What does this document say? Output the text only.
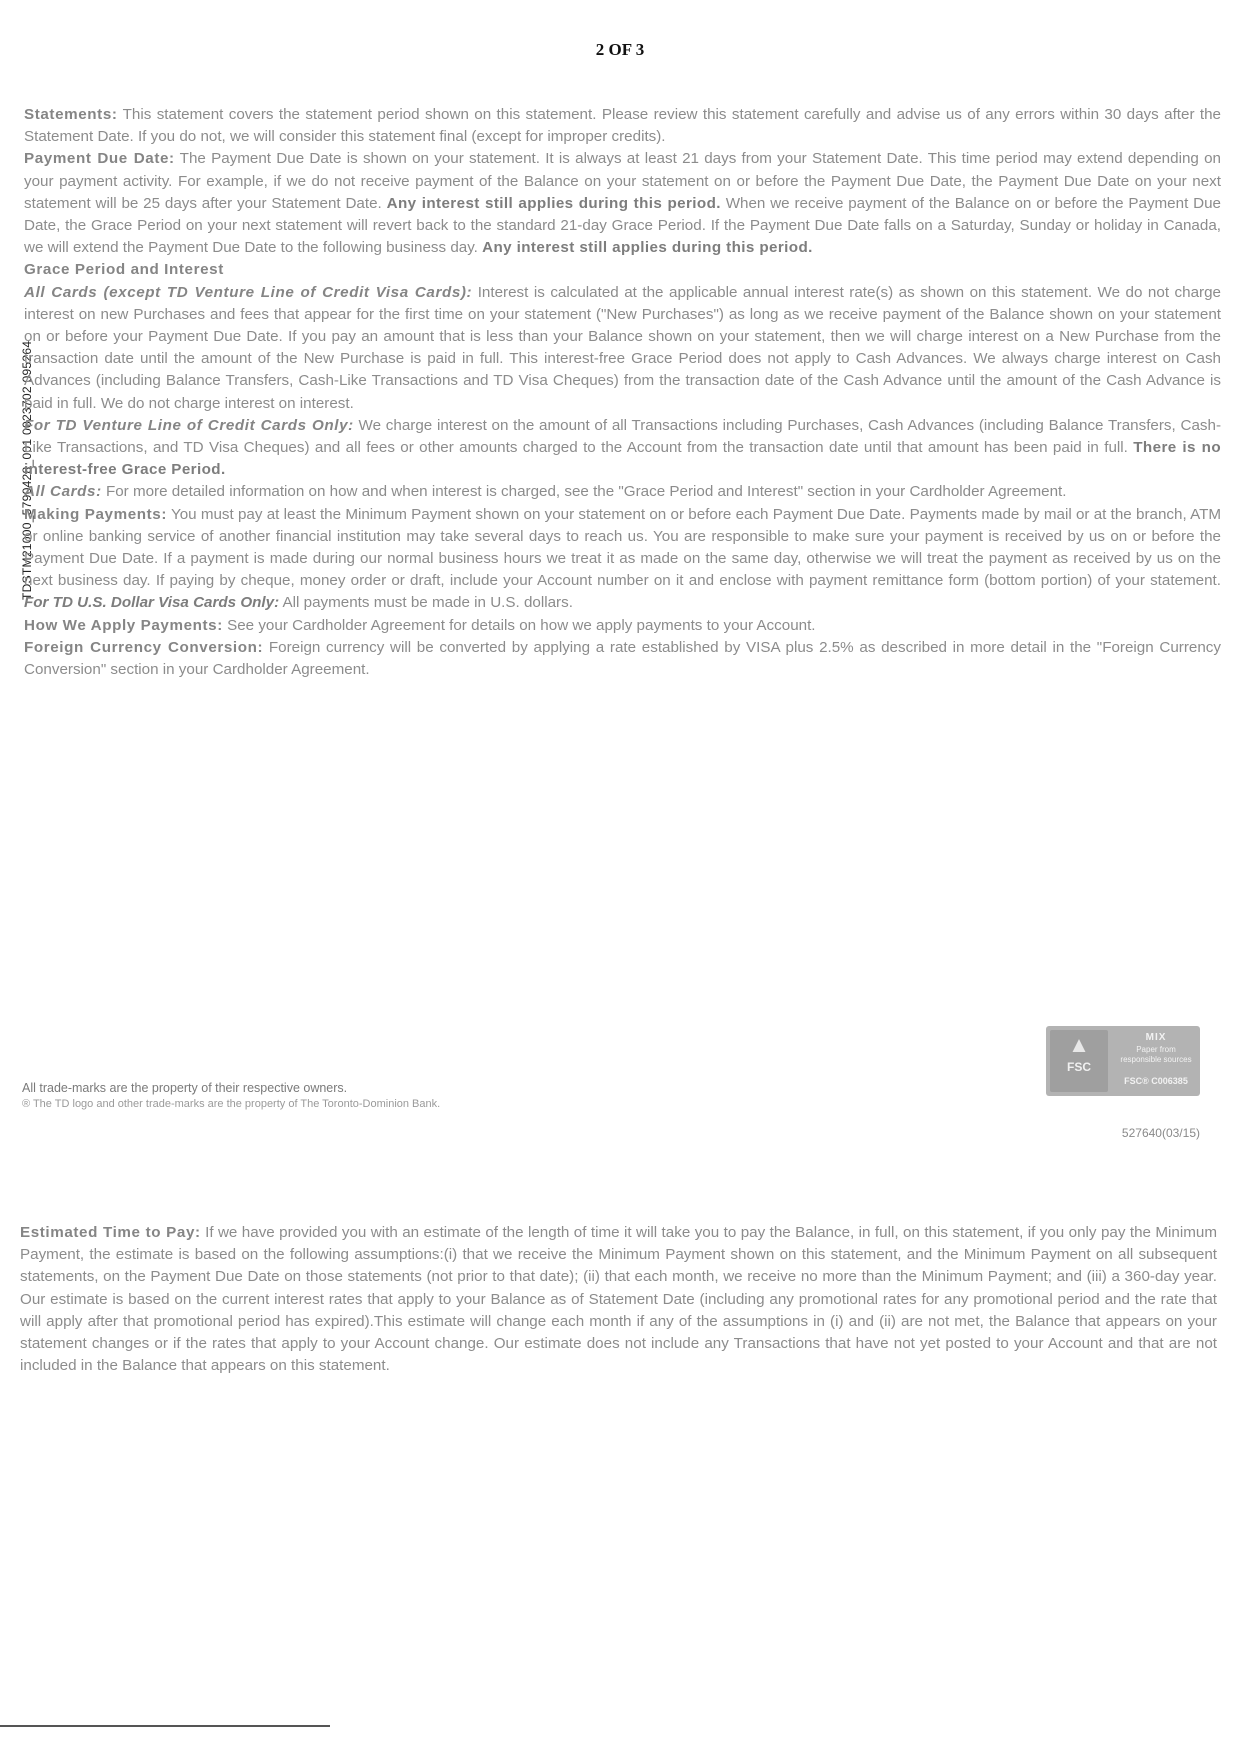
2 OF 3
TDSTM21000_5790428_001 0023702 095264

Statements: This statement covers the statement period shown on this statement. Please review this statement carefully and advise us of any errors within 30 days after the Statement Date. If you do not, we will consider this statement final (except for improper credits).

Payment Due Date: The Payment Due Date is shown on your statement. It is always at least 21 days from your Statement Date. This time period may extend depending on your payment activity. For example, if we do not receive payment of the Balance on your statement on or before the Payment Due Date, the Payment Due Date on your next statement will be 25 days after your Statement Date. Any interest still applies during this period. When we receive payment of the Balance on or before the Payment Due Date, the Grace Period on your next statement will revert back to the standard 21-day Grace Period. If the Payment Due Date falls on a Saturday, Sunday or holiday in Canada, we will extend the Payment Due Date to the following business day. Any interest still applies during this period.

Grace Period and Interest

All Cards (except TD Venture Line of Credit Visa Cards): Interest is calculated at the applicable annual interest rate(s) as shown on this statement. We do not charge interest on new Purchases and fees that appear for the first time on your statement ("New Purchases") as long as we receive payment of the Balance shown on your statement on or before your Payment Due Date. If you pay an amount that is less than your Balance shown on your statement, then we will charge interest on a New Purchase from the transaction date until the amount of the New Purchase is paid in full. This interest-free Grace Period does not apply to Cash Advances. We always charge interest on Cash Advances (including Balance Transfers, Cash-Like Transactions and TD Visa Cheques) from the transaction date of the Cash Advance until the amount of the Cash Advance is paid in full. We do not charge interest on interest.

For TD Venture Line of Credit Cards Only: We charge interest on the amount of all Transactions including Purchases, Cash Advances (including Balance Transfers, Cash-Like Transactions, and TD Visa Cheques) and all fees or other amounts charged to the Account from the transaction date until that amount has been paid in full. There is no interest-free Grace Period.

All Cards: For more detailed information on how and when interest is charged, see the "Grace Period and Interest" section in your Cardholder Agreement.

Making Payments: You must pay at least the Minimum Payment shown on your statement on or before each Payment Due Date. Payments made by mail or at the branch, ATM or online banking service of another financial institution may take several days to reach us. You are responsible to make sure your payment is received by us on or before the Payment Due Date. If a payment is made during our normal business hours we treat it as made on the same day, otherwise we will treat the payment as received by us on the next business day. If paying by cheque, money order or draft, include your Account number on it and enclose with payment remittance form (bottom portion) of your statement. For TD U.S. Dollar Visa Cards Only: All payments must be made in U.S. dollars.

How We Apply Payments: See your Cardholder Agreement for details on how we apply payments to your Account.

Foreign Currency Conversion: Foreign currency will be converted by applying a rate established by VISA plus 2.5% as described in more detail in the "Foreign Currency Conversion" section in your Cardholder Agreement.

All trade-marks are the property of their respective owners.
® The TD logo and other trade-marks are the property of The Toronto-Dominion Bank.
▲
FSC
MIX
Paper from responsible sources
FSC® C006385
527640(03/15)

Estimated Time to Pay: If we have provided you with an estimate of the length of time it will take you to pay the Balance, in full, on this statement, if you only pay the Minimum Payment, the estimate is based on the following assumptions:(i) that we receive the Minimum Payment shown on this statement, and the Minimum Payment on all subsequent statements, on the Payment Due Date on those statements (not prior to that date); (ii) that each month, we receive no more than the Minimum Payment; and (iii) a 360-day year. Our estimate is based on the current interest rates that apply to your Balance as of Statement Date (including any promotional rates for any promotional period and the rate that will apply after that promotional period has expired).This estimate will change each month if any of the assumptions in (i) and (ii) are not met, the Balance that appears on your statement changes or if the rates that apply to your Account change. Our estimate does not include any Transactions that have not yet posted to your Account and that are not included in the Balance that appears on this statement.
